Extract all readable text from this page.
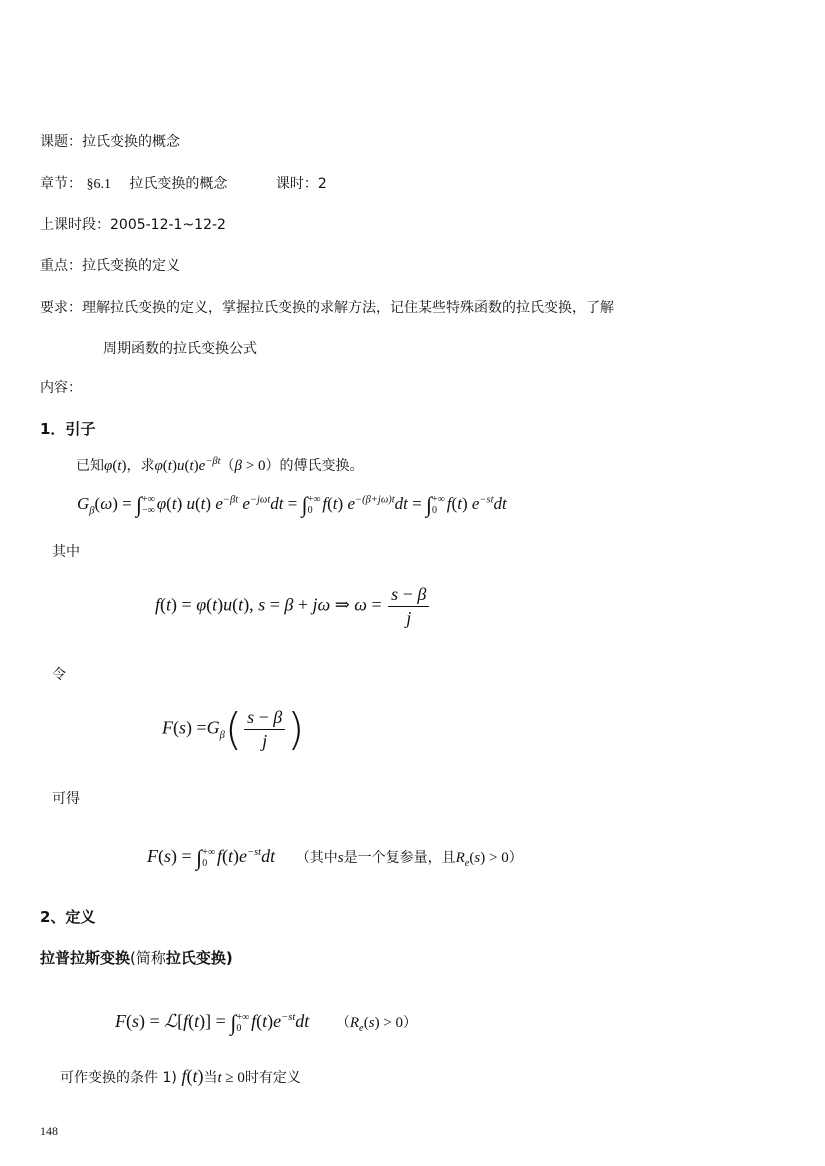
课题：拉氏变换的概念
章节： §6.1 拉氏变换的概念	课时：2
上课时段：2005-12-1~12-2
重点：拉氏变换的定义
要求：理解拉氏变换的定义，掌握拉氏变换的求解方法，记住某些特殊函数的拉氏变换，了解
周期函数的拉氏变换公式
内容：
1．引子
已知φ(t)，求$\varphi(t)u(t)e^{-\beta t}(\beta > 0)$的傅氏变换。
$G_\beta(\omega)$ = ∫+∞
−∞ φ(t) u(t) $e^{-\beta t}$ $e^{-j\omega t}dt$ = ∫+∞
0 f(t) $e^{-(\beta+j\omega)t}dt$ = ∫+∞
0 f(t) $e^{-st}dt$
其中
f(t) = φ(t)u(t), s = β + jω ⇒ $\omega = \frac{s - \beta}{j}$
令
$F(s) =G_\beta( \frac{s - \beta}{j}$ )
可得
F(s) = ∫+∞
0 $f(t)e^{-st}dt$ （其中s是一个复参量，且$R_e(s) > 0$）
2、定义
拉普拉斯变换(简称拉氏变换)
F(s) = ℒ[f(t)] = ∫+∞
0 $f(t)e^{-st}dt$ $(R_e(s) > 0)$
可作变换的条件 1) f(t)当t ≥ 0时有定义
148
